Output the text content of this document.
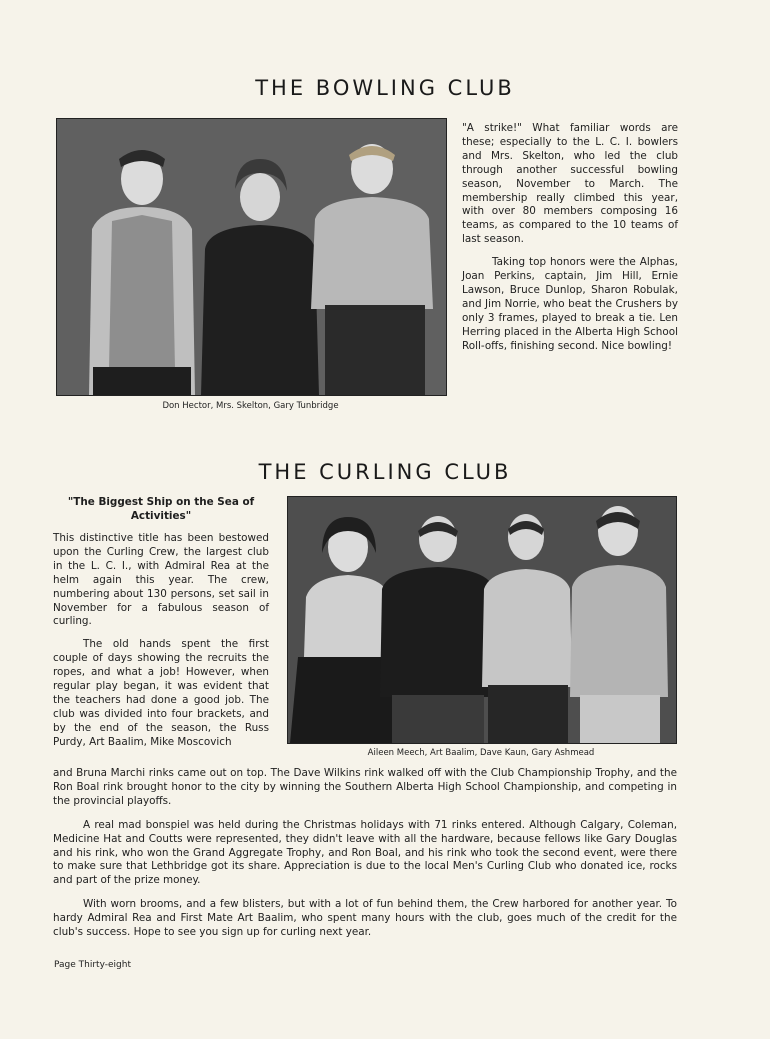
THE BOWLING CLUB
Don Hector, Mrs. Skelton, Gary Tunbridge

"A strike!" What familiar words are these; especially to the L. C. I. bowlers and Mrs. Skelton, who led the club through another successful bowling season, November to March. The membership really climbed this year, with over 80 members composing 16 teams, as compared to the 10 teams of last season.

Taking top honors were the Alphas, Joan Perkins, captain, Jim Hill, Ernie Lawson, Bruce Dunlop, Sharon Robulak, and Jim Norrie, who beat the Crushers by only 3 frames, played to break a tie. Len Herring placed in the Alberta High School Roll-offs, finishing second. Nice bowling!

THE CURLING CLUB
"The Biggest Ship on the Sea of Activities"

This distinctive title has been bestowed upon the Curling Crew, the largest club in the L. C. I., with Admiral Rea at the helm again this year. The crew, numbering about 130 persons, set sail in November for a fabulous season of curling.

The old hands spent the first couple of days showing the recruits the ropes, and what a job! However, when regular play began, it was evident that the teachers had done a good job. The club was divided into four brackets, and by the end of the season, the Russ Purdy, Art Baalim, Mike Moscovich

Aileen Meech, Art Baalim, Dave Kaun, Gary Ashmead

and Bruna Marchi rinks came out on top. The Dave Wilkins rink walked off with the Club Championship Trophy, and the Ron Boal rink brought honor to the city by winning the Southern Alberta High School Championship, and competing in the provincial playoffs.

A real mad bonspiel was held during the Christmas holidays with 71 rinks entered. Although Calgary, Coleman, Medicine Hat and Coutts were represented, they didn't leave with all the hardware, because fellows like Gary Douglas and his rink, who won the Grand Aggregate Trophy, and Ron Boal, and his rink who took the second event, were there to make sure that Lethbridge got its share. Appreciation is due to the local Men's Curling Club who donated ice, rocks and part of the prize money.

With worn brooms, and a few blisters, but with a lot of fun behind them, the Crew harbored for another year. To hardy Admiral Rea and First Mate Art Baalim, who spent many hours with the club, goes much of the credit for the club's success. Hope to see you sign up for curling next year.

Page Thirty-eight
